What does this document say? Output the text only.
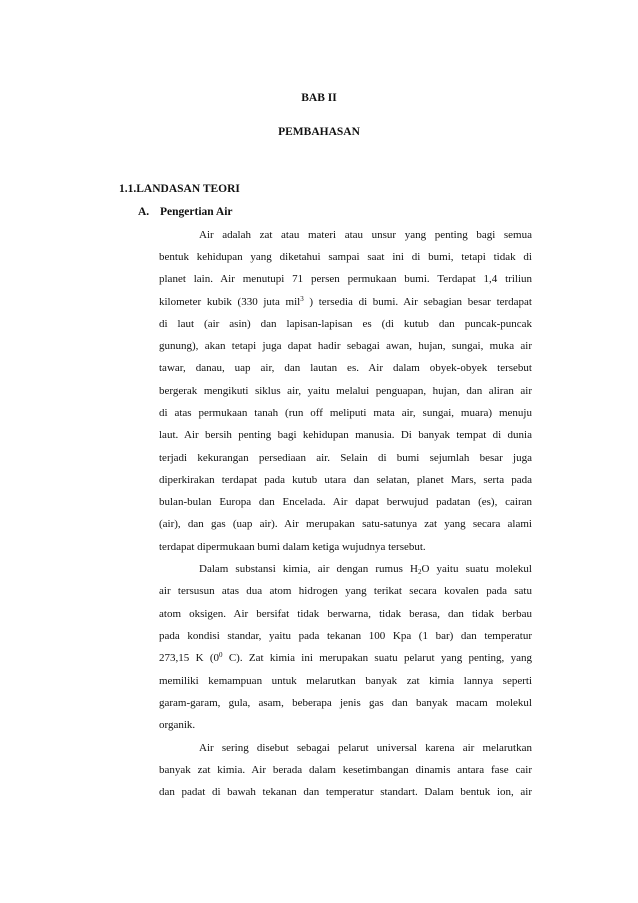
BAB II
PEMBAHASAN
1.1.LANDASAN TEORI
A. Pengertian Air
Air adalah zat atau materi atau unsur yang penting bagi semua
bentuk kehidupan yang diketahui sampai saat ini di bumi, tetapi tidak di
planet lain. Air menutupi 71 persen permukaan bumi. Terdapat 1,4 triliun
kilometer kubik (330 juta mil$^3$ ) tersedia di bumi. Air sebagian besar terdapat
di laut (air asin) dan lapisan-lapisan es (di kutub dan puncak-puncak
gunung), akan tetapi juga dapat hadir sebagai awan, hujan, sungai, muka air
tawar, danau, uap air, dan lautan es. Air dalam obyek-obyek tersebut
bergerak mengikuti siklus air, yaitu melalui penguapan, hujan, dan aliran air
di atas permukaan tanah (run off meliputi mata air, sungai, muara) menuju
laut. Air bersih penting bagi kehidupan manusia. Di banyak tempat di dunia
terjadi kekurangan persediaan air. Selain di bumi sejumlah besar juga
diperkirakan terdapat pada kutub utara dan selatan, planet Mars, serta pada
bulan-bulan Europa dan Encelada. Air dapat berwujud padatan (es), cairan
(air), dan gas (uap air). Air merupakan satu-satunya zat yang secara alami
terdapat dipermukaan bumi dalam ketiga wujudnya tersebut.
Dalam substansi kimia, air dengan rumus $H_2O$ yaitu suatu molekul
air tersusun atas dua atom hidrogen yang terikat secara kovalen pada satu
atom oksigen. Air bersifat tidak berwarna, tidak berasa, dan tidak berbau
pada kondisi standar, yaitu pada tekanan 100 Kpa (1 bar) dan temperatur
273,15 K ($0^0$ C). Zat kimia ini merupakan suatu pelarut yang penting, yang
memiliki kemampuan untuk melarutkan banyak zat kimia lannya seperti
garam-garam, gula, asam, beberapa jenis gas dan banyak macam molekul
organik.
Air sering disebut sebagai pelarut universal karena air melarutkan
banyak zat kimia. Air berada dalam kesetimbangan dinamis antara fase cair
dan padat di bawah tekanan dan temperatur standart. Dalam bentuk ion, air
